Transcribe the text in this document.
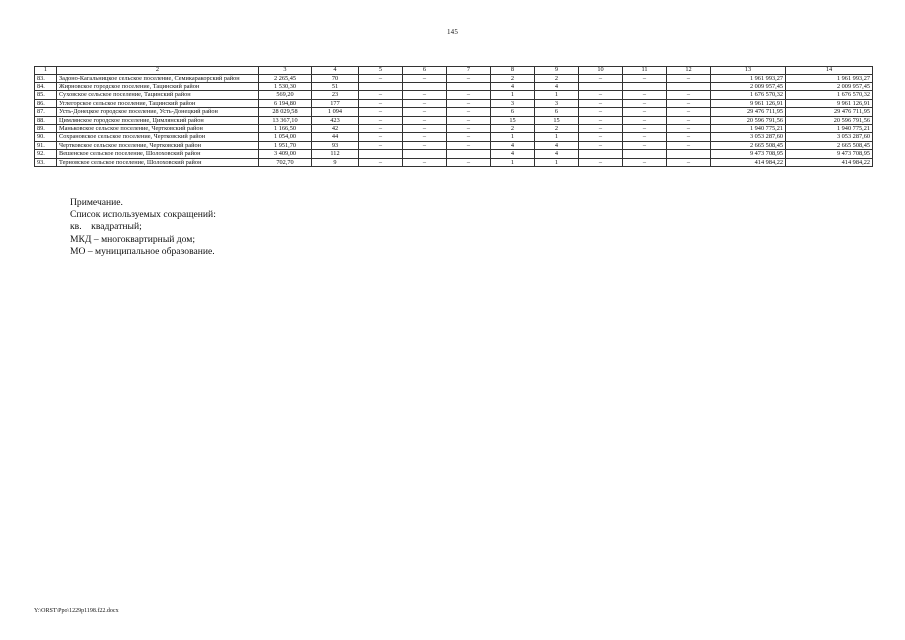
145
1	2	3	4	5	6	7	8	9	10	11	12	13	14
83.	Задоно-Кагальницкое сельское поселение, Семикаракорский район	2 265,45	70	–	–	–	2	2	–	–	–	1 961 993,27	1 961 993,27
84.	Жирновское городское поселение, Тацинский район	1 530,30	51				4	4				2 009 957,45	2 009 957,45
85.	Суховское сельское поселение, Тацинский район	569,20	23	–	–	–	1	1	–	–	–	1 676 570,32	1 676 570,32
86.	Углегорское сельское поселение, Тацинский район	6 194,80	177	–	–	–	3	3	–	–	–	9 961 126,91	9 961 126,91
87.	Усть-Донецкое городское поселение, Усть-Донецкий район	28 029,58	1 094	–	–	–	6	6	–	–	–	29 476 711,95	29 476 711,95
88.	Цимлянское городское поселение, Цимлянский район	13 367,10	423	–	–	–	15	15	–	–	–	20 596 791,56	20 596 791,56
89.	Маньковское сельское поселение, Чертковский район	1 166,50	42	–	–	–	2	2	–	–	–	1 940 775,21	1 940 775,21
90.	Сохрановское сельское поселение, Чертковский район	1 054,00	44	–	–	–	1	1	–	–	–	3 053 287,60	3 053 287,60
91.	Чертковское сельское поселение, Чертковский район	1 951,70	93	–	–	–	4	4	–	–	–	2 665 508,45	2 665 508,45
92.	Вешенское сельское поселение, Шолоховский район	3 409,00	112				4	4				9 473 708,95	9 473 708,95
93.	Терновское сельское поселение, Шолоховский район	702,70	9	–	–	–	1	1	–	–	–	414 984,22	414 984,22
Примечание.
Список используемых сокращений:
кв.    квадратный;
МКД – многоквартирный дом;
МО – муниципальное образование.
Y:\ORST\Ppo\1229p1198.f22.docx
